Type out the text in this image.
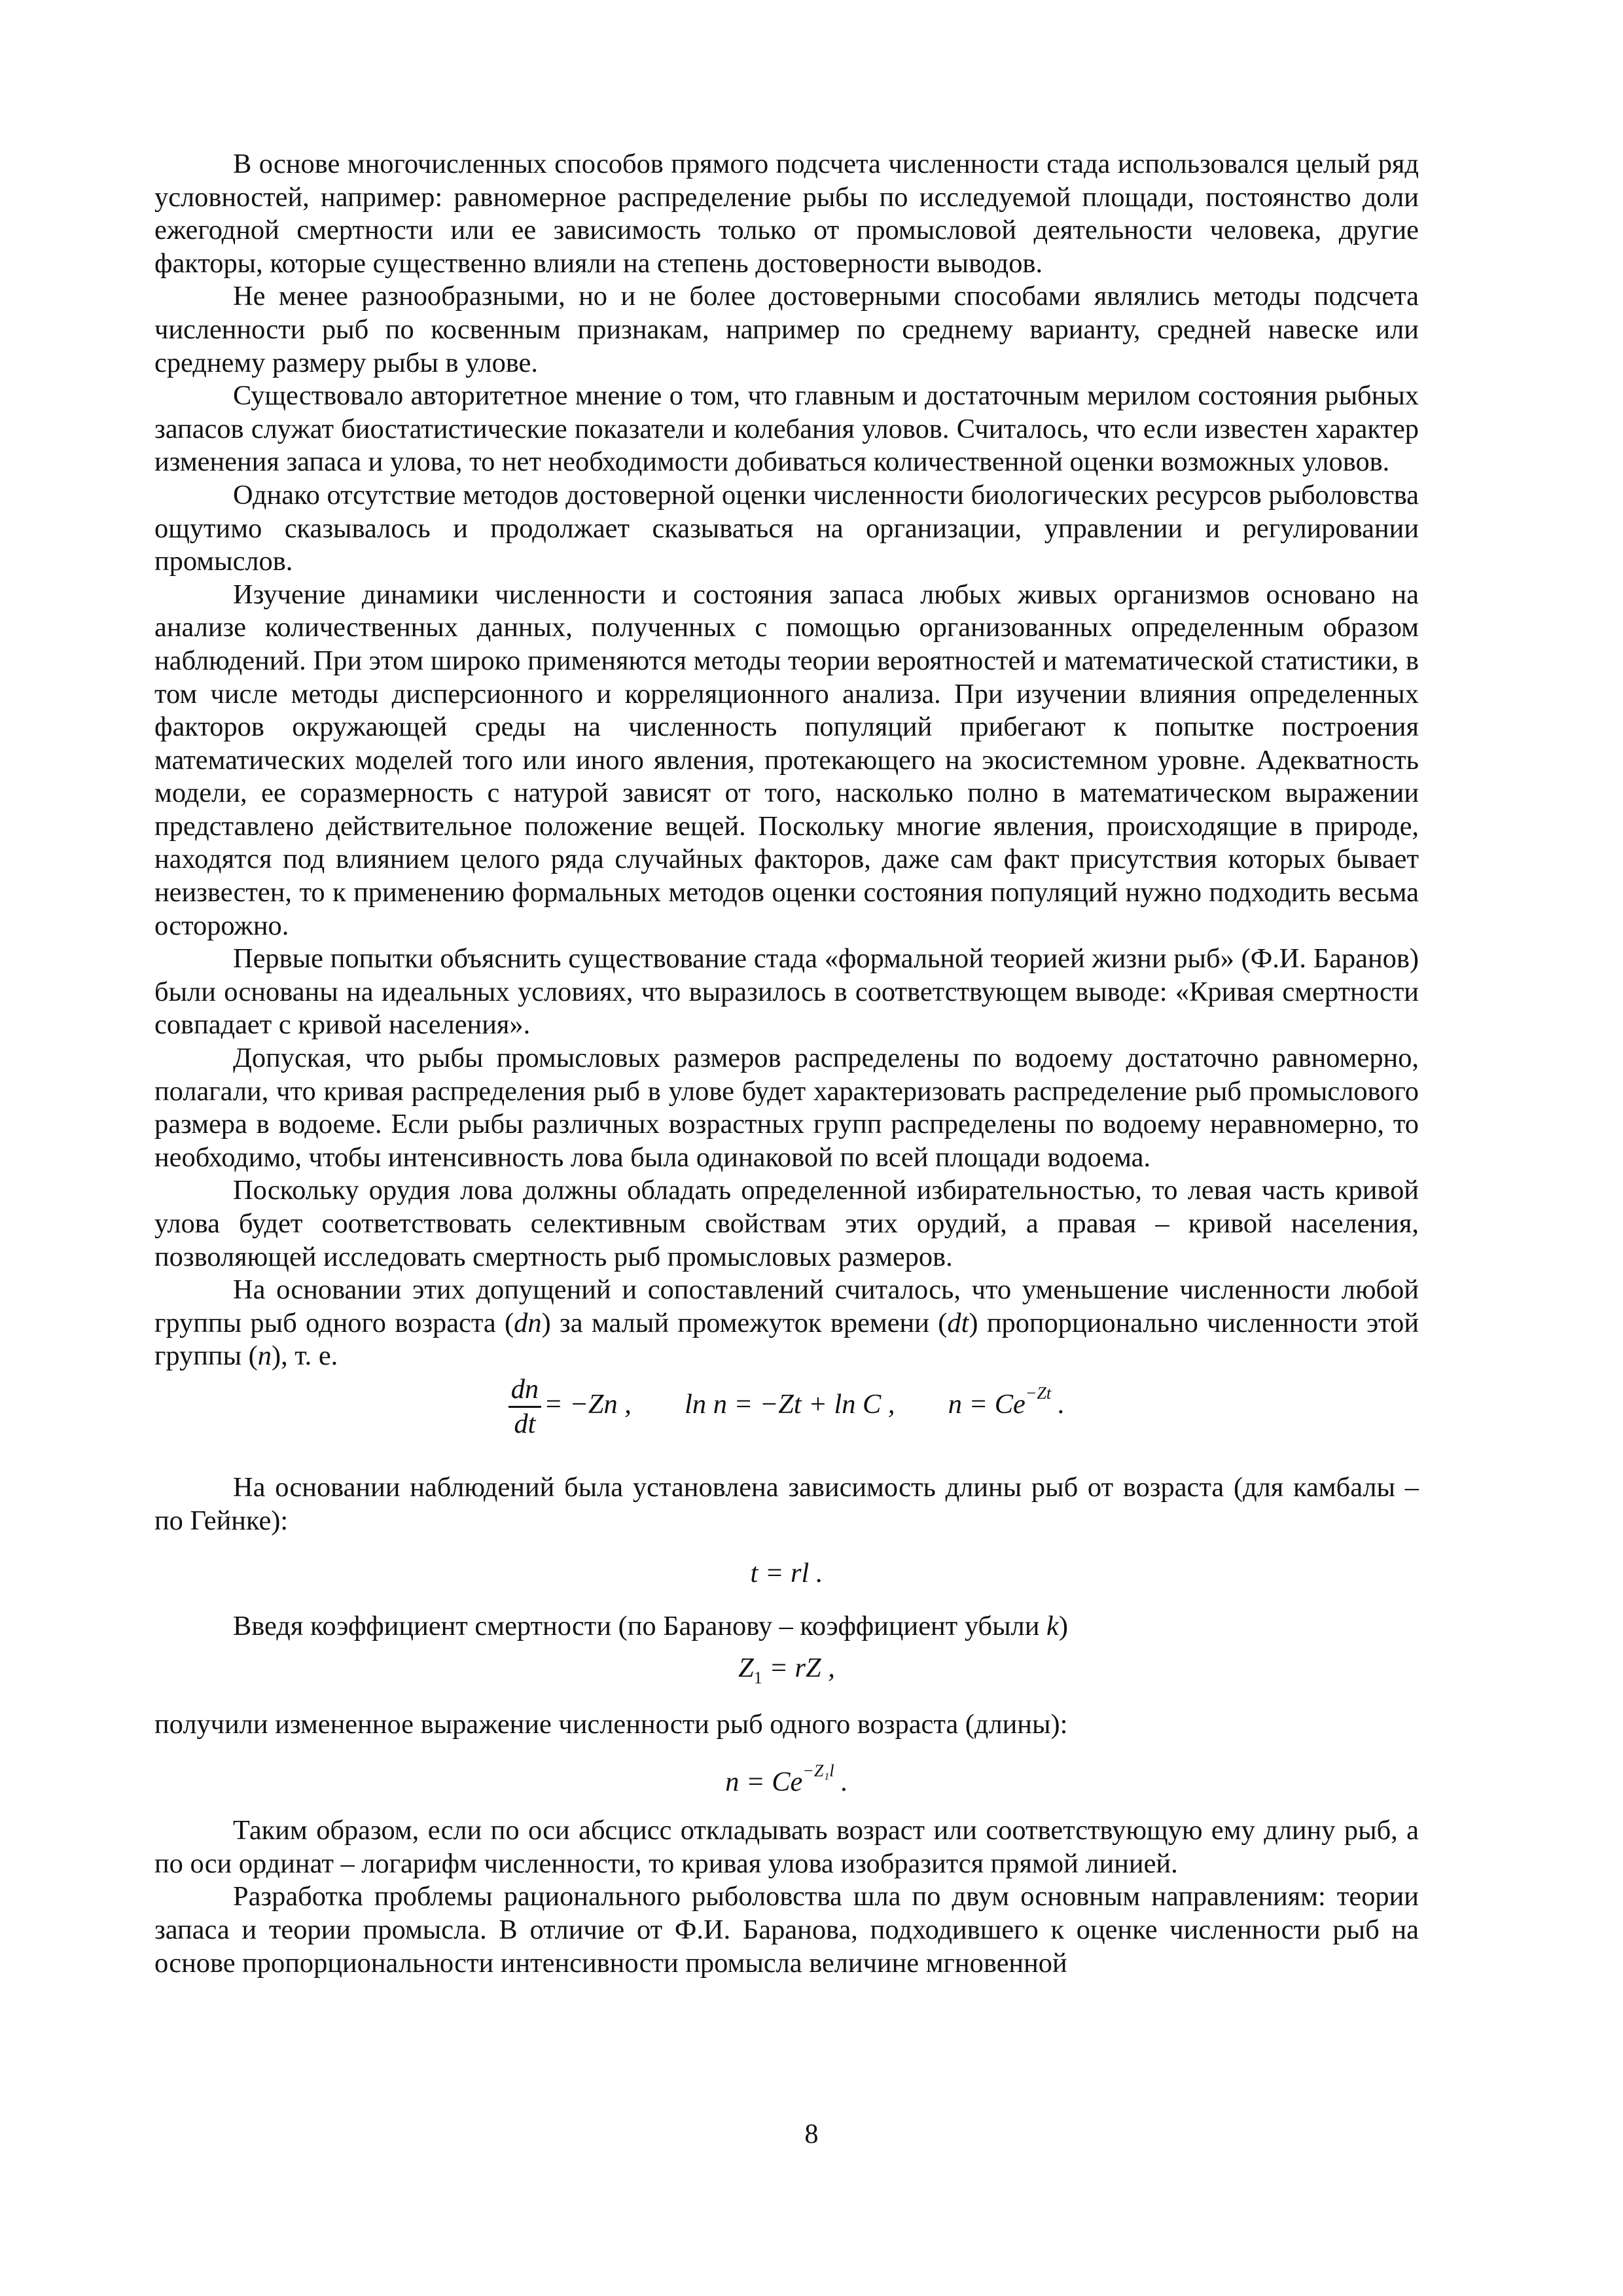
В основе многочисленных способов прямого подсчета численности стада использовался целый ряд условностей, например: равномерное распределение рыбы по исследуемой площади, постоянство доли ежегодной смертности или ее зависимость только от промысловой деятельности человека, другие факторы, которые существенно влияли на степень достоверности выводов.

Не менее разнообразными, но и не более достоверными способами являлись методы подсчета численности рыб по косвенным признакам, например по среднему варианту, средней навеске или среднему размеру рыбы в улове.

Существовало авторитетное мнение о том, что главным и достаточным мерилом состояния рыбных запасов служат биостатистические показатели и колебания уловов. Считалось, что если известен характер изменения запаса и улова, то нет необходимости добиваться количественной оценки возможных уловов.

Однако отсутствие методов достоверной оценки численности биологических ресурсов рыболовства ощутимо сказывалось и продолжает сказываться на организации, управлении и регулировании промыслов.

Изучение динамики численности и состояния запаса любых живых организмов основано на анализе количественных данных, полученных с помощью организованных определенным образом наблюдений. При этом широко применяются методы теории вероятностей и математической статистики, в том числе методы дисперсионного и корреляционного анализа. При изучении влияния определенных факторов окружающей среды на численность популяций прибегают к попытке построения математических моделей того или иного явления, протекающего на экосистемном уровне. Адекватность модели, ее соразмерность с натурой зависят от того, насколько полно в математическом выражении представлено действительное положение вещей. Поскольку многие явления, происходящие в природе, находятся под влиянием целого ряда случайных факторов, даже сам факт присутствия которых бывает неизвестен, то к применению формальных методов оценки состояния популяций нужно подходить весьма осторожно.

Первые попытки объяснить существование стада «формальной теорией жизни рыб» (Ф.И. Баранов) были основаны на идеальных условиях, что выразилось в соответствующем выводе: «Кривая смертности совпадает с кривой населения».

Допуская, что рыбы промысловых размеров распределены по водоему достаточно равномерно, полагали, что кривая распределения рыб в улове будет характеризовать распределение рыб промыслового размера в водоеме. Если рыбы различных возрастных групп распределены по водоему неравномерно, то необходимо, чтобы интенсивность лова была одинаковой по всей площади водоема.

Поскольку орудия лова должны обладать определенной избирательностью, то левая часть кривой улова будет соответствовать селективным свойствам этих орудий, а правая – кривой населения, позволяющей исследовать смертность рыб промысловых размеров.

На основании этих допущений и сопоставлений считалось, что уменьшение численности любой группы рыб одного возраста (dn) за малый промежуток времени (dt) пропорционально численности этой группы (n), т. е.

$\frac{dn}{dt} = -Zn$ , ln n = −Zt + ln C , $n = Ce^{-Zt}$ .

На основании наблюдений была установлена зависимость длины рыб от возраста (для камбалы – по Гейнке):

t = rl .

Введя коэффициент смертности (по Баранову – коэффициент убыли k)

$Z_1$ = rZ ,

получили измененное выражение численности рыб одного возраста (длины):

$n = Ce^{-Z_1l}$ .

Таким образом, если по оси абсцисс откладывать возраст или соответствующую ему длину рыб, а по оси ординат – логарифм численности, то кривая улова изобразится прямой линией.

Разработка проблемы рационального рыболовства шла по двум основным направлениям: теории запаса и теории промысла. В отличие от Ф.И. Баранова, подходившего к оценке численности рыб на основе пропорциональности интенсивности промысла величине мгновенной

8
